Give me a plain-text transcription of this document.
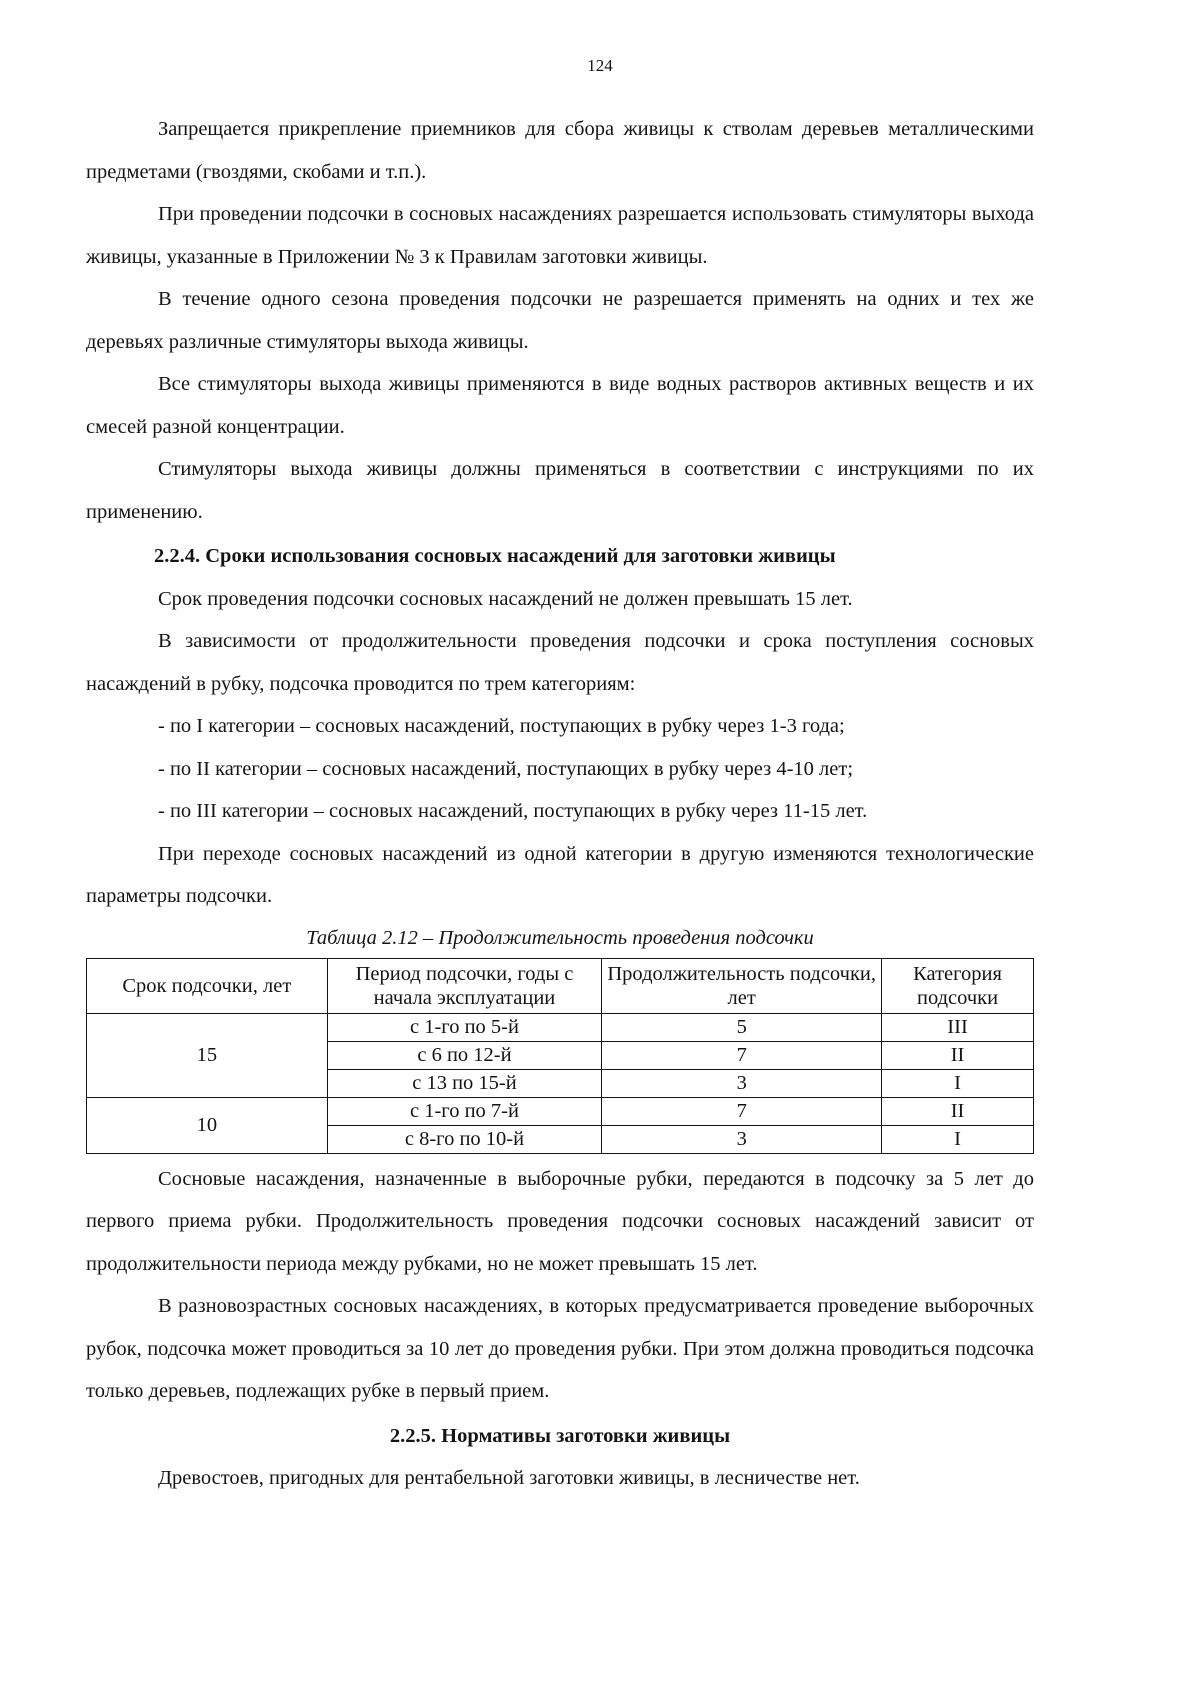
124

Запрещается прикрепление приемников для сбора живицы к стволам деревьев металлическими предметами (гвоздями, скобами и т.п.).

При проведении подсочки в сосновых насаждениях разрешается использовать стимуляторы выхода живицы, указанные в Приложении № 3 к Правилам заготовки живицы.

В течение одного сезона проведения подсочки не разрешается применять на одних и тех же деревьях различные стимуляторы выхода живицы.

Все стимуляторы выхода живицы применяются в виде водных растворов активных веществ и их смесей разной концентрации.

Стимуляторы выхода живицы должны применяться в соответствии с инструкциями по их применению.

2.2.4. Сроки использования сосновых насаждений для заготовки живицы

Срок проведения подсочки сосновых насаждений не должен превышать 15 лет.

В зависимости от продолжительности проведения подсочки и срока поступления сосновых насаждений в рубку, подсочка проводится по трем категориям:

- по I категории – сосновых насаждений, поступающих в рубку через 1-3 года;

- по II категории – сосновых насаждений, поступающих в рубку через 4-10 лет;

- по III категории – сосновых насаждений, поступающих в рубку через 11-15 лет.

При переходе сосновых насаждений из одной категории в другую изменяются технологические параметры подсочки.

Таблица 2.12 – Продолжительность проведения подсочки
Срок подсочки, лет	Период подсочки, годы с начала эксплуатации	Продолжительность подсочки, лет	Категория подсочки
15	с 1-го по 5-й	5	III
	с 6 по 12-й	7	II
	с 13 по 15-й	3	I
10	с 1-го по 7-й	7	II
	с 8-го по 10-й	3	I

Сосновые насаждения, назначенные в выборочные рубки, передаются в подсочку за 5 лет до первого приема рубки. Продолжительность проведения подсочки сосновых насаждений зависит от продолжительности периода между рубками, но не может превышать 15 лет.

В разновозрастных сосновых насаждениях, в которых предусматривается проведение выборочных рубок, подсочка может проводиться за 10 лет до проведения рубки. При этом должна проводиться подсочка только деревьев, подлежащих рубке в первый прием.

2.2.5. Нормативы заготовки живицы

Древостоев, пригодных для рентабельной заготовки живицы, в лесничестве нет.
